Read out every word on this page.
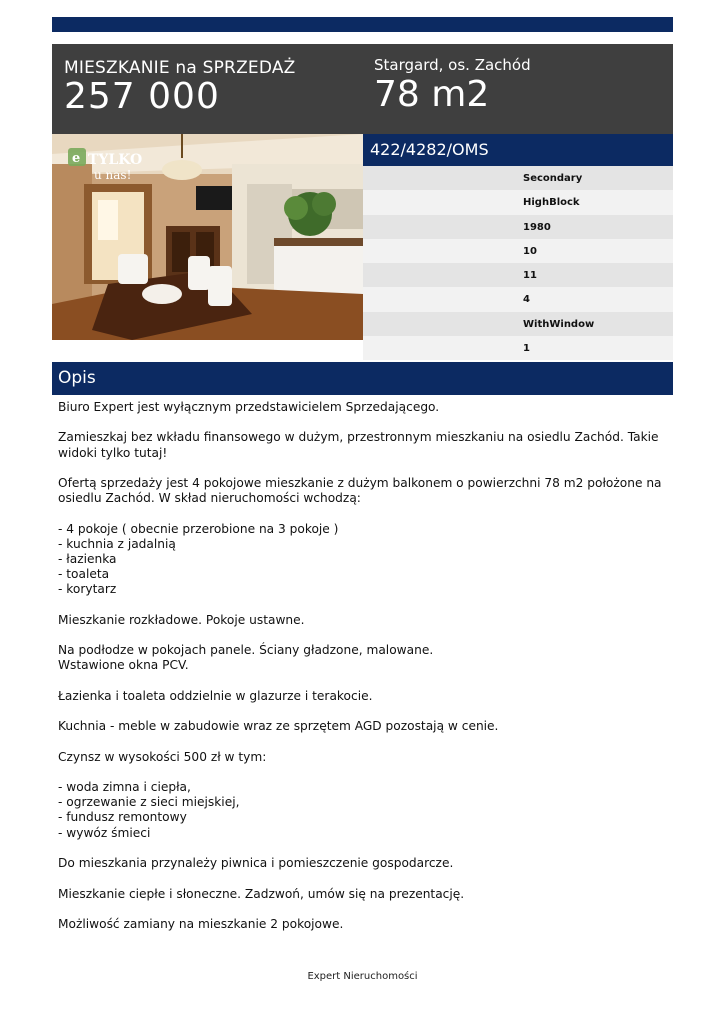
MIESZKANIE na SPRZEDAŻ
257 000
Stargard, os. Zachód
78 m2
e TYLKO
u nas!
422/4282/OMS
Secondary
HighBlock
1980
10
11
4
WithWindow
1
Opis
Biuro Expert jest wyłącznym przedstawicielem Sprzedającego.

Zamieszkaj bez wkładu finansowego w dużym, przestronnym mieszkaniu na osiedlu Zachód. Takie widoki tylko tutaj!

Ofertą sprzedaży jest 4 pokojowe mieszkanie z dużym balkonem o powierzchni 78 m2 położone na osiedlu Zachód. W skład nieruchomości wchodzą:

- 4 pokoje ( obecnie przerobione na 3 pokoje )
- kuchnia z jadalnią
- łazienka
- toaleta
- korytarz

Mieszkanie rozkładowe. Pokoje ustawne.

Na podłodze w pokojach panele. Ściany gładzone, malowane.
Wstawione okna PCV.

Łazienka i toaleta oddzielnie w glazurze i terakocie.

Kuchnia - meble w zabudowie wraz ze sprzętem AGD pozostają w cenie.

Czynsz w wysokości 500 zł w tym:

- woda zimna i ciepła,
- ogrzewanie z sieci miejskiej,
- fundusz remontowy
- wywóz śmieci

Do mieszkania przynależy piwnica i pomieszczenie gospodarcze.

Mieszkanie ciepłe i słoneczne. Zadzwoń, umów się na prezentację.

Możliwość zamiany na mieszkanie 2 pokojowe.
Expert Nieruchomości
